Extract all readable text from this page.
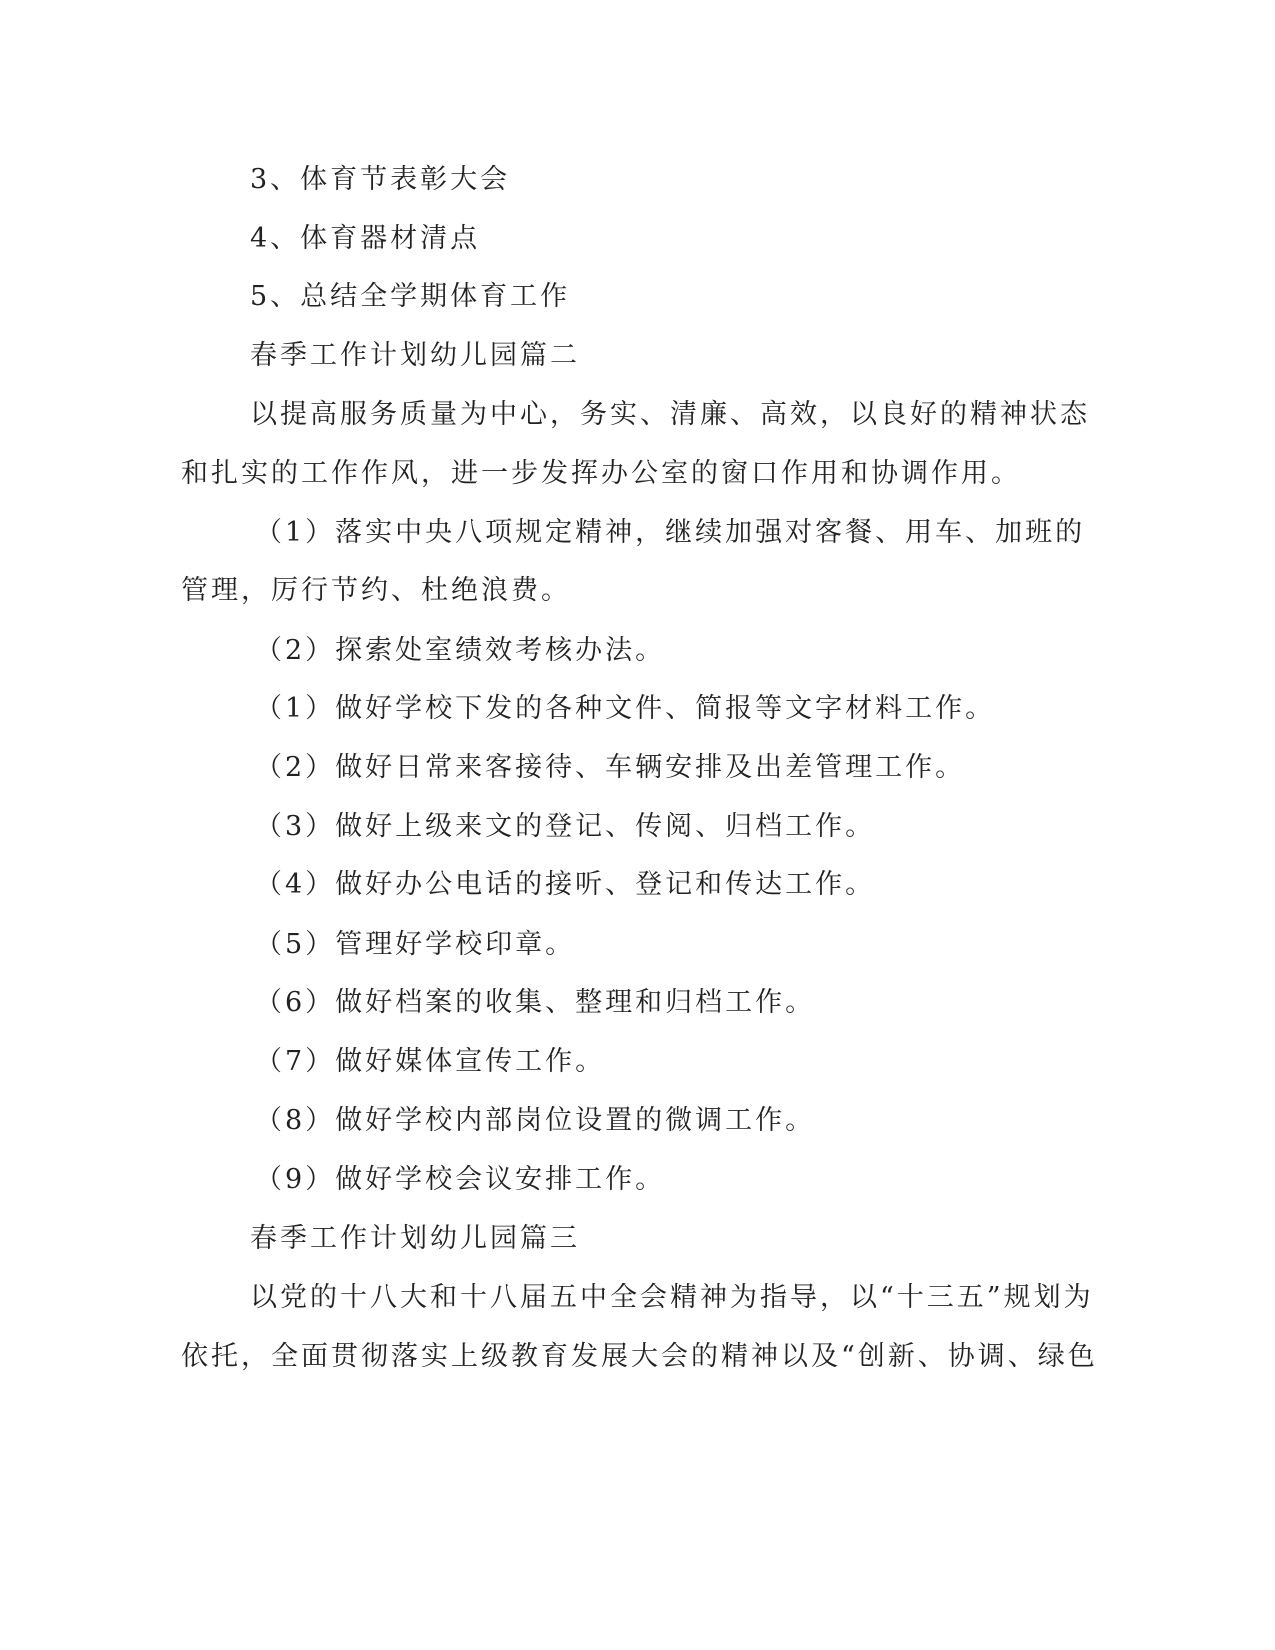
3、体育节表彰大会
4、体育器材清点
5、总结全学期体育工作
春季工作计划幼儿园篇二
以提高服务质量为中心，务实、清廉、高效，以良好的精神状态
和扎实的工作作风，进一步发挥办公室的窗口作用和协调作用。
（1）落实中央八项规定精神，继续加强对客餐、用车、加班的
管理，厉行节约、杜绝浪费。
（2）探索处室绩效考核办法。
（1）做好学校下发的各种文件、简报等文字材料工作。
（2）做好日常来客接待、车辆安排及出差管理工作。
（3）做好上级来文的登记、传阅、归档工作。
（4）做好办公电话的接听、登记和传达工作。
（5）管理好学校印章。
（6）做好档案的收集、整理和归档工作。
（7）做好媒体宣传工作。
（8）做好学校内部岗位设置的微调工作。
（9）做好学校会议安排工作。
春季工作计划幼儿园篇三
以党的十八大和十八届五中全会精神为指导，以“十三五”规划为
依托，全面贯彻落实上级教育发展大会的精神以及“创新、协调、绿色
